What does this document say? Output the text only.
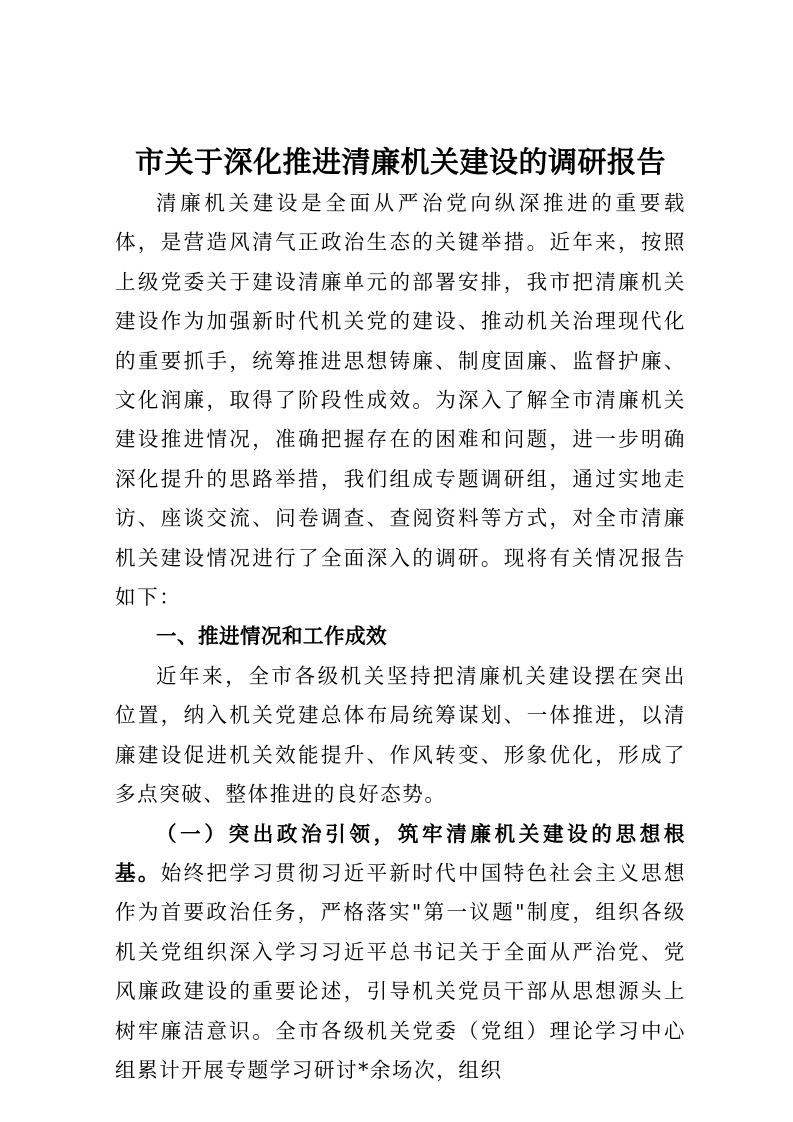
市关于深化推进清廉机关建设的调研报告

清廉机关建设是全面从严治党向纵深推进的重要载体，是营造风清气正政治生态的关键举措。近年来，按照上级党委关于建设清廉单元的部署安排，我市把清廉机关建设作为加强新时代机关党的建设、推动机关治理现代化的重要抓手，统筹推进思想铸廉、制度固廉、监督护廉、文化润廉，取得了阶段性成效。为深入了解全市清廉机关建设推进情况，准确把握存在的困难和问题，进一步明确深化提升的思路举措，我们组成专题调研组，通过实地走访、座谈交流、问卷调查、查阅资料等方式，对全市清廉机关建设情况进行了全面深入的调研。现将有关情况报告如下：

一、推进情况和工作成效

近年来，全市各级机关坚持把清廉机关建设摆在突出位置，纳入机关党建总体布局统筹谋划、一体推进，以清廉建设促进机关效能提升、作风转变、形象优化，形成了多点突破、整体推进的良好态势。

（一）突出政治引领，筑牢清廉机关建设的思想根基。始终把学习贯彻习近平新时代中国特色社会主义思想作为首要政治任务，严格落实"第一议题"制度，组织各级机关党组织深入学习习近平总书记关于全面从严治党、党风廉政建设的重要论述，引导机关党员干部从思想源头上树牢廉洁意识。全市各级机关党委（党组）理论学习中心组累计开展专题学习研讨*余场次，组织
